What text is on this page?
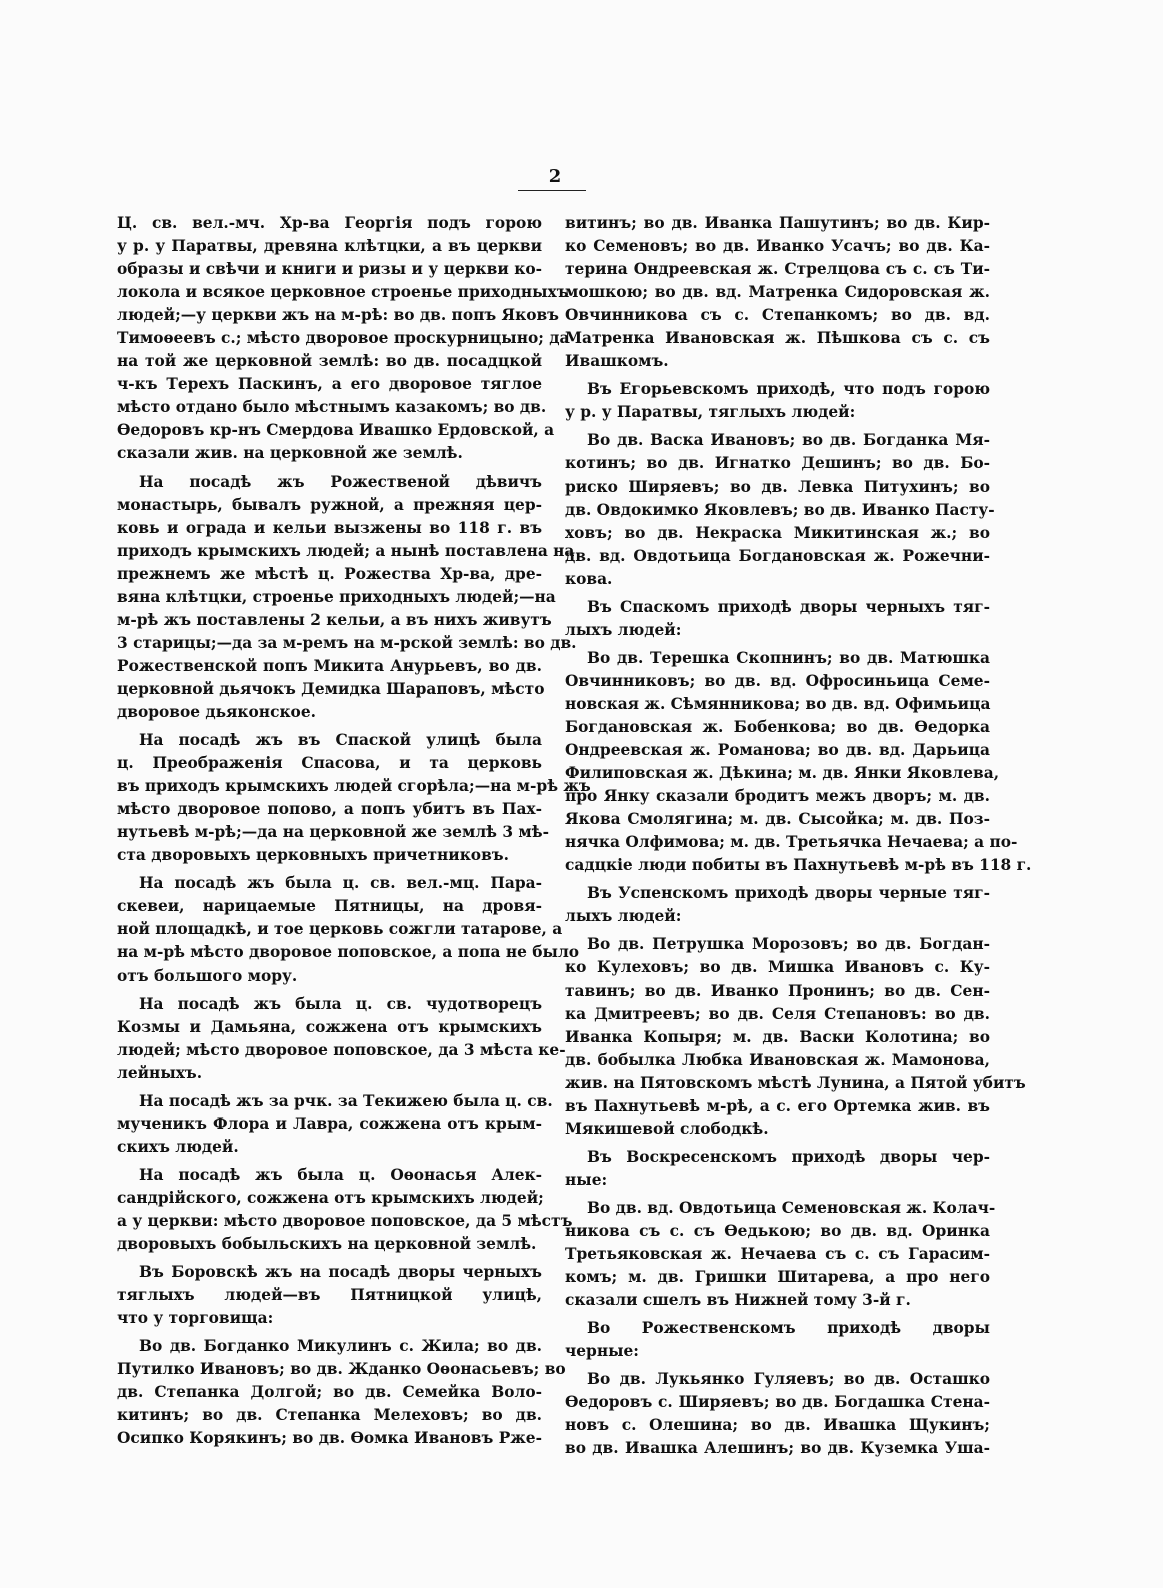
2
Ц. св. вел.-мч. Хр-ва Георгія подъ горою
у р. у Паратвы, древяна клѣтцки, а въ церкви
образы и свѣчи и книги и ризы и у церкви ко-
локола и всякое церковное строенье приходныхъ
людей;—у церкви жъ на м-рѣ: во дв. попъ Яковъ
Тимоѳеевъ с.; мѣсто дворовое проскурницыно; да
на той же церковной землѣ: во дв. посадцкой
ч-къ Терехъ Паскинъ, а его дворовое тяглое
мѣсто отдано было мѣстнымъ казакомъ; во дв.
Ѳедоровъ кр-нъ Смердова Ивашко Ердовской, а
сказали жив. на церковной же землѣ.
На посадѣ жъ Рожественой дѣвичъ
монастырь, бывалъ ружной, а прежняя цер-
ковь и ограда и кельи вызжены во 118 г. въ
приходъ крымскихъ людей; а нынѣ поставлена на
прежнемъ же мѣстѣ ц. Рожества Хр-ва, дре-
вяна клѣтцки, строенье приходныхъ людей;—на
м-рѣ жъ поставлены 2 кельи, а въ нихъ живутъ
3 старицы;—да за м-ремъ на м-рской землѣ: во дв.
Рожественской попъ Микита Анурьевъ, во дв.
церковной дьячокъ Демидка Шараповъ, мѣсто
дворовое дьяконское.
На посадѣ жъ въ Спаской улицѣ была
ц. Преображенія Спасова, и та церковь
въ приходъ крымскихъ людей сгорѣла;—на м-рѣ жъ
мѣсто дворовое попово, а попъ убитъ въ Пах-
нутьевѣ м-рѣ;—да на церковной же землѣ 3 мѣ-
ста дворовыхъ церковныхъ причетниковъ.
На посадѣ жъ была ц. св. вел.-мц. Пара-
скевеи, нарицаемые Пятницы, на дровя-
ной площадкѣ, и тое церковь сожгли татарове, а
на м-рѣ мѣсто дворовое поповское, а попа не было
отъ большого мору.
На посадѣ жъ была ц. св. чудотворецъ
Козмы и Дамьяна, сожжена отъ крымскихъ
людей; мѣсто дворовое поповское, да 3 мѣста ке-
лейныхъ.
На посадѣ жъ за рчк. за Текижею была ц. св.
мученикъ Флора и Лавра, сожжена отъ крым-
скихъ людей.
На посадѣ жъ была ц. Оѳонасья Алек-
сандрійского, сожжена отъ крымскихъ людей;
а у церкви: мѣсто дворовое поповское, да 5 мѣстъ
дворовыхъ бобыльскихъ на церковной землѣ.
Въ Боровскѣ жъ на посадѣ дворы черныхъ
тяглыхъ людей—въ Пятницкой улицѣ,
что у торговища:
Во дв. Богданко Микулинъ с. Жила; во дв.
Путилко Ивановъ; во дв. Жданко Оѳонасьевъ; во
дв. Степанка Долгой; во дв. Семейка Воло-
китинъ; во дв. Степанка Мелеховъ; во дв.
Осипко Корякинъ; во дв. Ѳомка Ивановъ Рже-
витинъ; во дв. Иванка Пашутинъ; во дв. Кир-
ко Семеновъ; во дв. Иванко Усачъ; во дв. Ка-
терина Ондреевская ж. Стрелцова съ с. съ Ти-
мошкою; во дв. вд. Матренка Сидоровская ж.
Овчинникова съ с. Степанкомъ; во дв. вд.
Матренка Ивановская ж. Пѣшкова съ с. съ
Ивашкомъ.
Въ Егорьевскомъ приходѣ, что подъ горою
у р. у Паратвы, тяглыхъ людей:
Во дв. Васка Ивановъ; во дв. Богданка Мя-
котинъ; во дв. Игнатко Дешинъ; во дв. Бо-
риско Ширяевъ; во дв. Левка Питухинъ; во
дв. Овдокимко Яковлевъ; во дв. Иванко Пасту-
ховъ; во дв. Некраска Микитинская ж.; во
дв. вд. Овдотьица Богдановская ж. Рожечни-
кова.
Въ Спаскомъ приходѣ дворы черныхъ тяг-
лыхъ людей:
Во дв. Терешка Скопнинъ; во дв. Матюшка
Овчинниковъ; во дв. вд. Офросиньица Семе-
новская ж. Сѣмянникова; во дв. вд. Офимьица
Богдановская ж. Бобенкова; во дв. Ѳедорка
Ондреевская ж. Романова; во дв. вд. Дарьица
Филиповская ж. Дѣкина; м. дв. Янки Яковлева,
про Янку сказали бродитъ межъ дворъ; м. дв.
Якова Смолягина; м. дв. Сысойка; м. дв. Поз-
нячка Олфимова; м. дв. Третьячка Нечаева; а по-
садцкіе люди побиты въ Пахнутьевѣ м-рѣ въ 118 г.
Въ Успенскомъ приходѣ дворы черные тяг-
лыхъ людей:
Во дв. Петрушка Морозовъ; во дв. Богдан-
ко Кулеховъ; во дв. Мишка Ивановъ с. Ку-
тавинъ; во дв. Иванко Пронинъ; во дв. Сен-
ка Дмитреевъ; во дв. Селя Степановъ: во дв.
Иванка Копыря; м. дв. Васки Колотина; во
дв. бобылка Любка Ивановская ж. Мамонова,
жив. на Пятовскомъ мѣстѣ Лунина, а Пятой убитъ
въ Пахнутьевѣ м-рѣ, а с. его Ортемка жив. въ
Мякишевой слободкѣ.
Въ Воскресенскомъ приходѣ дворы чер-
ные:
Во дв. вд. Овдотьица Семеновская ж. Колач-
никова съ с. съ Ѳедькою; во дв. вд. Оринка
Третьяковская ж. Нечаева съ с. съ Гарасим-
комъ; м. дв. Гришки Шитарева, а про него
сказали сшелъ въ Нижней тому 3-й г.
Во Рожественскомъ приходѣ дворы
черные:
Во дв. Лукьянко Гуляевъ; во дв. Осташко
Ѳедоровъ с. Ширяевъ; во дв. Богдашка Стена-
новъ с. Олешина; во дв. Ивашка Щукинъ;
во дв. Ивашка Алешинъ; во дв. Куземка Уша-
